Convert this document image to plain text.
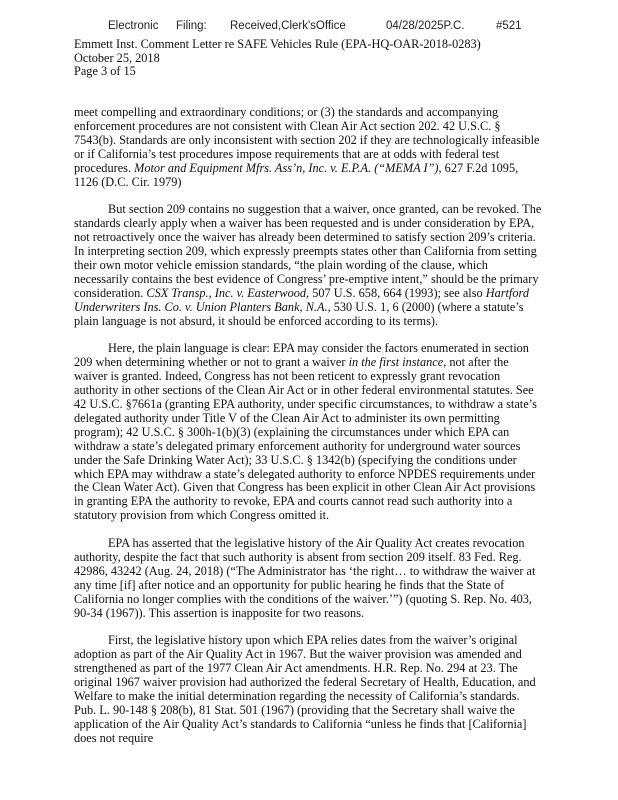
Electronic Filing: Received,Clerk'sOffice	04/28/2025P.C.	#521
Emmett Inst. Comment Letter re SAFE Vehicles Rule (EPA-HQ-OAR-2018-0283)
October 25, 2018
Page 3 of 15

meet compelling and extraordinary conditions; or (3) the standards and accompanying enforcement procedures are not consistent with Clean Air Act section 202. 42 U.S.C. § 7543(b). Standards are only inconsistent with section 202 if they are technologically infeasible or if California’s test procedures impose requirements that are at odds with federal test procedures. Motor and Equipment Mfrs. Ass’n, Inc. v. E.P.A. (“MEMA I”), 627 F.2d 1095, 1126 (D.C. Cir. 1979)

But section 209 contains no suggestion that a waiver, once granted, can be revoked. The standards clearly apply when a waiver has been requested and is under consideration by EPA, not retroactively once the waiver has already been determined to satisfy section 209’s criteria. In interpreting section 209, which expressly preempts states other than California from setting their own motor vehicle emission standards, “the plain wording of the clause, which necessarily contains the best evidence of Congress’ pre-emptive intent,” should be the primary consideration. CSX Transp., Inc. v. Easterwood, 507 U.S. 658, 664 (1993); see also Hartford Underwriters Ins. Co. v. Union Planters Bank, N.A., 530 U.S. 1, 6 (2000) (where a statute’s plain language is not absurd, it should be enforced according to its terms).

Here, the plain language is clear: EPA may consider the factors enumerated in section 209 when determining whether or not to grant a waiver in the first instance, not after the waiver is granted. Indeed, Congress has not been reticent to expressly grant revocation authority in other sections of the Clean Air Act or in other federal environmental statutes. See 42 U.S.C. §7661a (granting EPA authority, under specific circumstances, to withdraw a state’s delegated authority under Title V of the Clean Air Act to administer its own permitting program); 42 U.S.C. § 300h-1(b)(3) (explaining the circumstances under which EPA can withdraw a state’s delegated primary enforcement authority for underground water sources under the Safe Drinking Water Act); 33 U.S.C. § 1342(b) (specifying the conditions under which EPA may withdraw a state’s delegated authority to enforce NPDES requirements under the Clean Water Act). Given that Congress has been explicit in other Clean Air Act provisions in granting EPA the authority to revoke, EPA and courts cannot read such authority into a statutory provision from which Congress omitted it.

EPA has asserted that the legislative history of the Air Quality Act creates revocation authority, despite the fact that such authority is absent from section 209 itself. 83 Fed. Reg. 42986, 43242 (Aug. 24, 2018) (“The Administrator has ‘the right… to withdraw the waiver at any time [if] after notice and an opportunity for public hearing he finds that the State of California no longer complies with the conditions of the waiver.’”) (quoting S. Rep. No. 403, 90-34 (1967)). This assertion is inapposite for two reasons.

First, the legislative history upon which EPA relies dates from the waiver’s original adoption as part of the Air Quality Act in 1967. But the waiver provision was amended and strengthened as part of the 1977 Clean Air Act amendments. H.R. Rep. No. 294 at 23. The original 1967 waiver provision had authorized the federal Secretary of Health, Education, and Welfare to make the initial determination regarding the necessity of California’s standards. Pub. L. 90-148 § 208(b), 81 Stat. 501 (1967) (providing that the Secretary shall waive the application of the Air Quality Act’s standards to California “unless he finds that [California] does not require
